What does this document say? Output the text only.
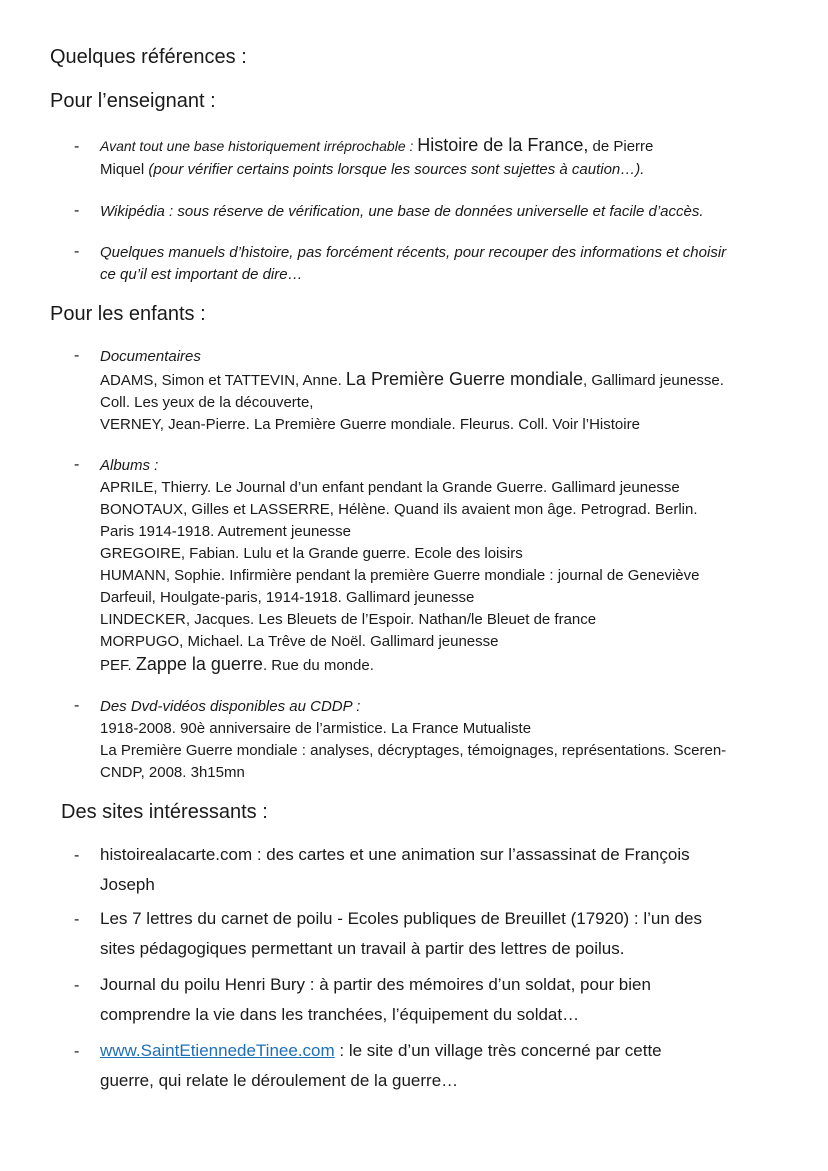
Quelques références :
Pour l’enseignant :
- Avant tout une base historiquement irréprochable : Histoire de la France, de Pierre
Miquel (pour vérifier certains points lorsque les sources sont sujettes à caution…).
- Wikipédia : sous réserve de vérification, une base de données universelle et facile d’accès.
- Quelques manuels d’histoire, pas forcément récents, pour recouper des informations et choisir
ce qu’il est important de dire…
Pour les enfants :
- Documentaires
ADAMS, Simon et TATTEVIN, Anne. La Première Guerre mondiale, Gallimard jeunesse.
Coll. Les yeux de la découverte,
VERNEY, Jean-Pierre. La Première Guerre mondiale. Fleurus. Coll. Voir l’Histoire
- Albums :
APRILE, Thierry. Le Journal d’un enfant pendant la Grande Guerre. Gallimard jeunesse
BONOTAUX, Gilles et LASSERRE, Hélène. Quand ils avaient mon âge. Petrograd. Berlin.
Paris 1914-1918. Autrement jeunesse
GREGOIRE, Fabian. Lulu et la Grande guerre. Ecole des loisirs
HUMANN, Sophie. Infirmière pendant la première Guerre mondiale : journal de Geneviève
Darfeuil, Houlgate-paris, 1914-1918. Gallimard jeunesse
LINDECKER, Jacques. Les Bleuets de l’Espoir. Nathan/le Bleuet de france
MORPUGO, Michael. La Trêve de Noël. Gallimard jeunesse
PEF. Zappe la guerre. Rue du monde.
- Des Dvd-vidéos disponibles au CDDP :
1918-2008. 90è anniversaire de l’armistice. La France Mutualiste
La Première Guerre mondiale : analyses, décryptages, témoignages, représentations. Sceren-
CNDP, 2008. 3h15mn
Des sites intéressants :
- histoirealacarte.com : des cartes et une animation sur l’assassinat de François
Joseph
- Les 7 lettres du carnet de poilu - Ecoles publiques de Breuillet (17920) : l’un des
sites pédagogiques permettant un travail à partir des lettres de poilus.
- Journal du poilu Henri Bury : à partir des mémoires d’un soldat, pour bien
comprendre la vie dans les tranchées, l’équipement du soldat…
- www.SaintEtiennedeTinee.com : le site d’un village très concerné par cette
guerre, qui relate le déroulement de la guerre…
